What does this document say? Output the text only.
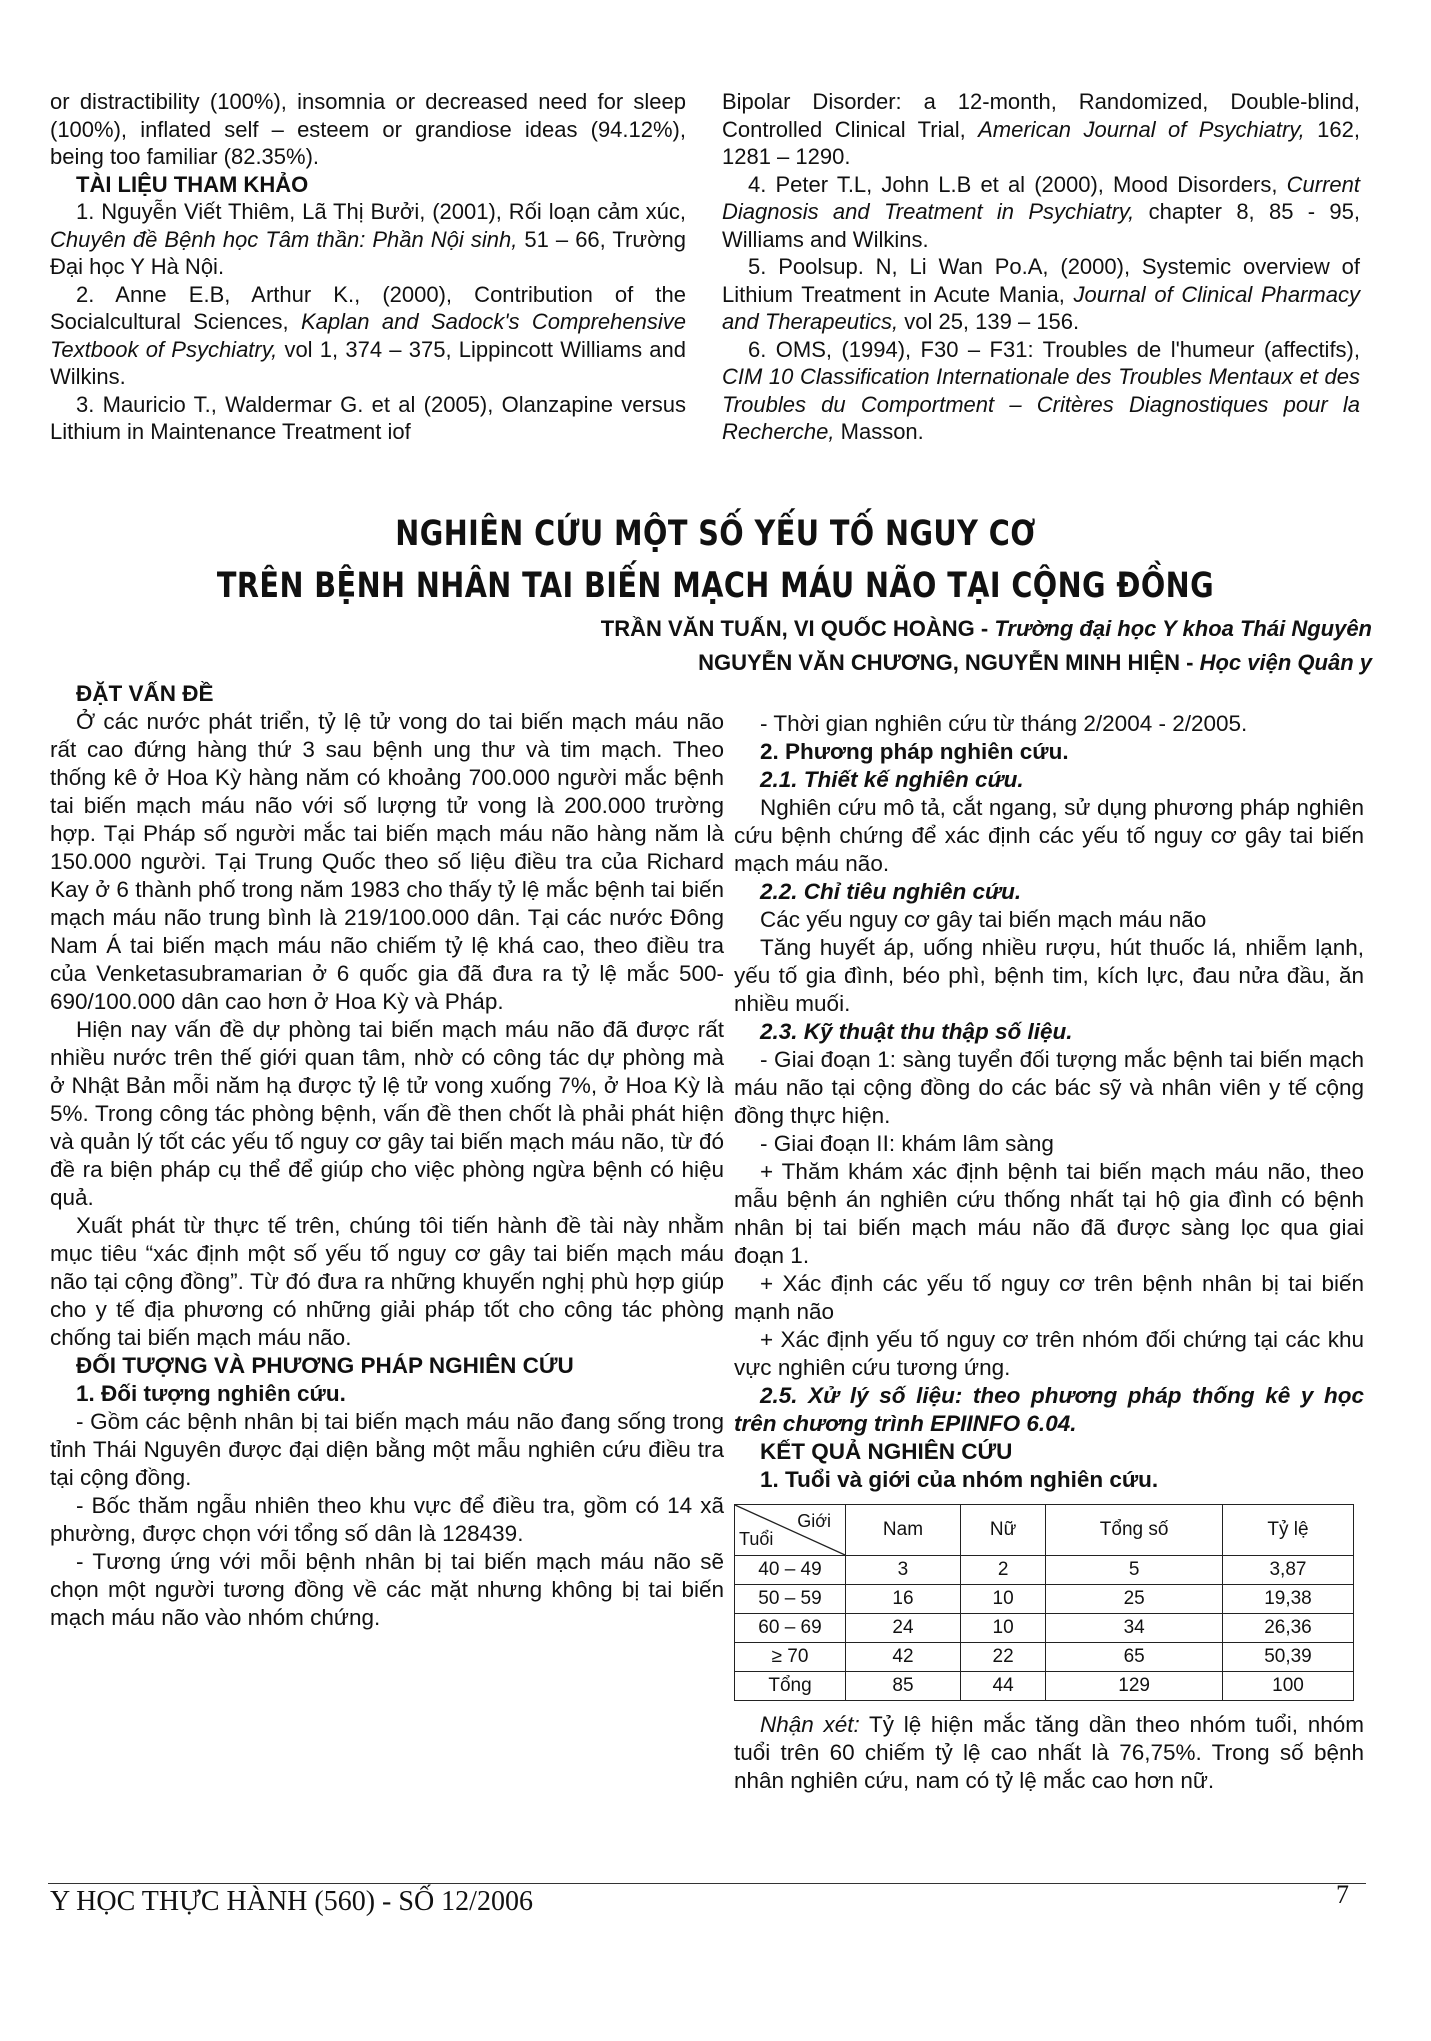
or distractibility (100%), insomnia or decreased need for sleep (100%), inflated self – esteem or grandiose ideas (94.12%), being too familiar (82.35%).

TÀI LIỆU THAM KHẢO

1. Nguyễn Viết Thiêm, Lã Thị Bưởi, (2001), Rối loạn cảm xúc, Chuyên đề Bệnh học Tâm thần: Phần Nội sinh, 51 – 66, Trường Đại học Y Hà Nội.

2. Anne E.B, Arthur K., (2000), Contribution of the Socialcultural Sciences, Kaplan and Sadock's Comprehensive Textbook of Psychiatry, vol 1, 374 – 375, Lippincott Williams and Wilkins.

3. Mauricio T., Waldermar G. et al (2005), Olanzapine versus Lithium in Maintenance Treatment iof

Bipolar Disorder: a 12-month, Randomized, Double-blind, Controlled Clinical Trial, American Journal of Psychiatry, 162, 1281 – 1290.

4. Peter T.L, John L.B et al (2000), Mood Disorders, Current Diagnosis and Treatment in Psychiatry, chapter 8, 85 - 95, Williams and Wilkins.

5. Poolsup. N, Li Wan Po.A, (2000), Systemic overview of Lithium Treatment in Acute Mania, Journal of Clinical Pharmacy and Therapeutics, vol 25, 139 – 156.

6. OMS, (1994), F30 – F31: Troubles de l'humeur (affectifs), CIM 10 Classification Internationale des Troubles Mentaux et des Troubles du Comportment – Critères Diagnostiques pour la Recherche, Masson.

NGHIÊN CỨU MỘT SỐ YẾU TỐ NGUY CƠ
TRÊN BỆNH NHÂN TAI BIẾN MẠCH MÁU NÃO TẠI CỘNG ĐỒNG
TRẦN VĂN TUẤN, VI QUỐC HOÀNG - Trường đại học Y khoa Thái Nguyên
NGUYỄN VĂN CHƯƠNG, NGUYỄN MINH HIỆN - Học viện Quân y

ĐẶT VẤN ĐỀ

Ở các nước phát triển, tỷ lệ tử vong do tai biến mạch máu não rất cao đứng hàng thứ 3 sau bệnh ung thư và tim mạch. Theo thống kê ở Hoa Kỳ hàng năm có khoảng 700.000 người mắc bệnh tai biến mạch máu não với số lượng tử vong là 200.000 trường hợp. Tại Pháp số người mắc tai biến mạch máu não hàng năm là 150.000 người. Tại Trung Quốc theo số liệu điều tra của Richard Kay ở 6 thành phố trong năm 1983 cho thấy tỷ lệ mắc bệnh tai biến mạch máu não trung bình là 219/100.000 dân. Tại các nước Đông Nam Á tai biến mạch máu não chiếm tỷ lệ khá cao, theo điều tra của Venketasubramarian ở 6 quốc gia đã đưa ra tỷ lệ mắc 500-690/100.000 dân cao hơn ở Hoa Kỳ và Pháp.

Hiện nay vấn đề dự phòng tai biến mạch máu não đã được rất nhiều nước trên thế giới quan tâm, nhờ có công tác dự phòng mà ở Nhật Bản mỗi năm hạ được tỷ lệ tử vong xuống 7%, ở Hoa Kỳ là 5%. Trong công tác phòng bệnh, vấn đề then chốt là phải phát hiện và quản lý tốt các yếu tố nguy cơ gây tai biến mạch máu não, từ đó đề ra biện pháp cụ thể để giúp cho việc phòng ngừa bệnh có hiệu quả.

Xuất phát từ thực tế trên, chúng tôi tiến hành đề tài này nhằm mục tiêu “xác định một số yếu tố nguy cơ gây tai biến mạch máu não tại cộng đồng”. Từ đó đưa ra những khuyến nghị phù hợp giúp cho y tế địa phương có những giải pháp tốt cho công tác phòng chống tai biến mạch máu não.

ĐỐI TƯỢNG VÀ PHƯƠNG PHÁP NGHIÊN CỨU

1. Đối tượng nghiên cứu.

- Gồm các bệnh nhân bị tai biến mạch máu não đang sống trong tỉnh Thái Nguyên được đại diện bằng một mẫu nghiên cứu điều tra tại cộng đồng.

- Bốc thăm ngẫu nhiên theo khu vực để điều tra, gồm có 14 xã phường, được chọn với tổng số dân là 128439.

- Tương ứng với mỗi bệnh nhân bị tai biến mạch máu não sẽ chọn một người tương đồng về các mặt nhưng không bị tai biến mạch máu não vào nhóm chứng.

- Thời gian nghiên cứu từ tháng 2/2004 - 2/2005.

2. Phương pháp nghiên cứu.

2.1. Thiết kế nghiên cứu.

Nghiên cứu mô tả, cắt ngang, sử dụng phương pháp nghiên cứu bệnh chứng để xác định các yếu tố nguy cơ gây tai biến mạch máu não.

2.2. Chỉ tiêu nghiên cứu.

Các yếu nguy cơ gây tai biến mạch máu não

Tăng huyết áp, uống nhiều rượu, hút thuốc lá, nhiễm lạnh, yếu tố gia đình, béo phì, bệnh tim, kích lực, đau nửa đầu, ăn nhiều muối.

2.3. Kỹ thuật thu thập số liệu.

- Giai đoạn 1: sàng tuyển đối tượng mắc bệnh tai biến mạch máu não tại cộng đồng do các bác sỹ và nhân viên y tế cộng đồng thực hiện.

- Giai đoạn II: khám lâm sàng

+ Thăm khám xác định bệnh tai biến mạch máu não, theo mẫu bệnh án nghiên cứu thống nhất tại hộ gia đình có bệnh nhân bị tai biến mạch máu não đã được sàng lọc qua giai đoạn 1.

+ Xác định các yếu tố nguy cơ trên bệnh nhân bị tai biến mạnh não

+ Xác định yếu tố nguy cơ trên nhóm đối chứng tại các khu vực nghiên cứu tương ứng.

2.5. Xử lý số liệu: theo phương pháp thống kê y học trên chương trình EPIINFO 6.04.

KẾT QUẢ NGHIÊN CỨU

1. Tuổi và giới của nhóm nghiên cứu.

Giới
Tuổi	Nam	Nữ	Tổng số	Tỷ lệ
40 – 49	3	2	5	3,87
50 – 59	16	10	25	19,38
60 – 69	24	10	34	26,36
≥ 70	42	22	65	50,39
Tổng	85	44	129	100

Nhận xét: Tỷ lệ hiện mắc tăng dần theo nhóm tuổi, nhóm tuổi trên 60 chiếm tỷ lệ cao nhất là 76,75%. Trong số bệnh nhân nghiên cứu, nam có tỷ lệ mắc cao hơn nữ.

Y HỌC THỰC HÀNH (560) - SỐ 12/2006	7
